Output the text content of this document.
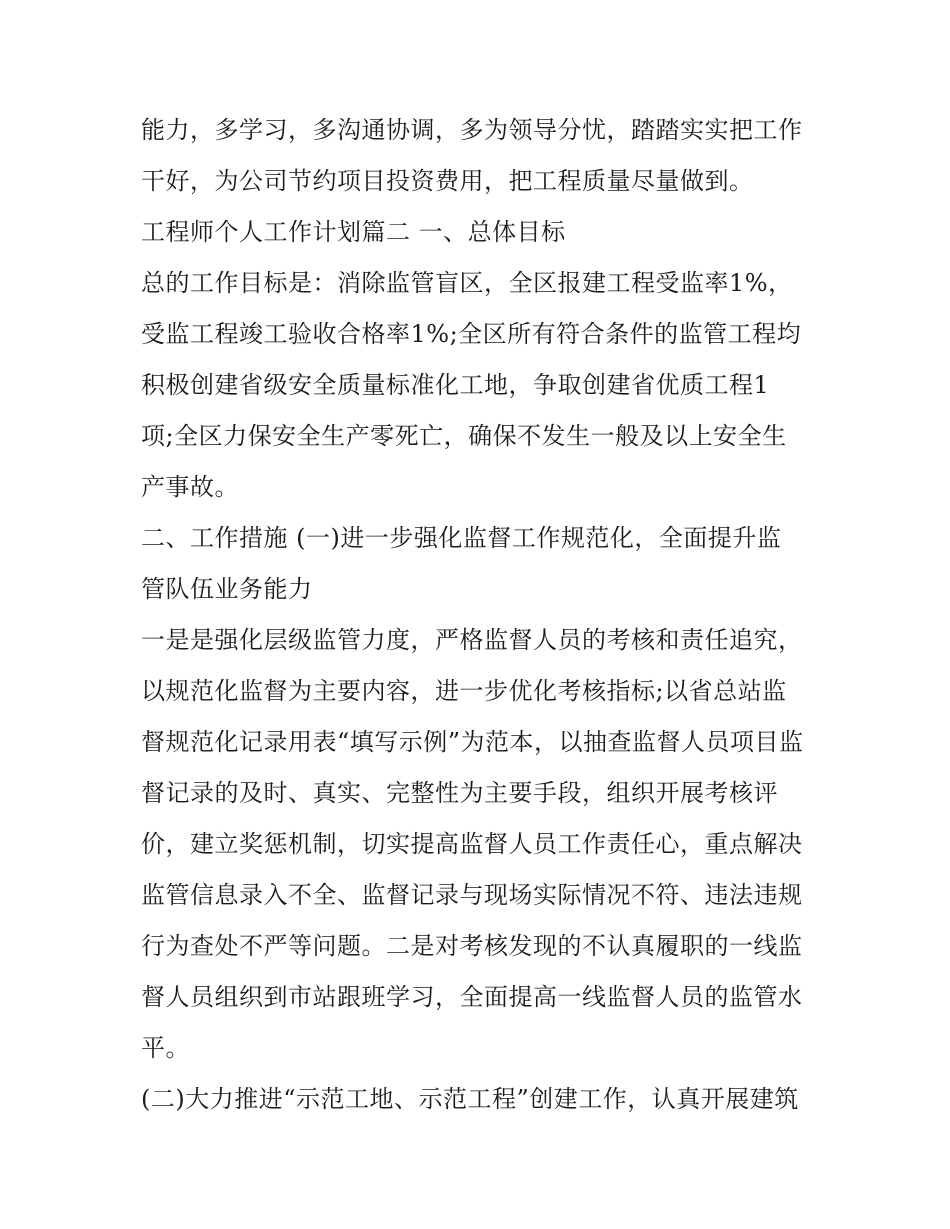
能力，多学习，多沟通协调，多为领导分忧，踏踏实实把工作
干好，为公司节约项目投资费用，把工程质量尽量做到。
工程师个人工作计划篇二 一、总体目标
总的工作目标是：消除监管盲区，全区报建工程受监率1%，
受监工程竣工验收合格率1%;全区所有符合条件的监管工程均
积极创建省级安全质量标准化工地，争取创建省优质工程1
项;全区力保安全生产零死亡，确保不发生一般及以上安全生
产事故。
二、工作措施 (一)进一步强化监督工作规范化，全面提升监
管队伍业务能力
一是是强化层级监管力度，严格监督人员的考核和责任追究，
以规范化监督为主要内容，进一步优化考核指标;以省总站监
督规范化记录用表“填写示例”为范本，以抽查监督人员项目监
督记录的及时、真实、完整性为主要手段，组织开展考核评
价，建立奖惩机制，切实提高监督人员工作责任心，重点解决
监管信息录入不全、监督记录与现场实际情况不符、违法违规
行为查处不严等问题。二是对考核发现的不认真履职的一线监
督人员组织到市站跟班学习，全面提高一线监督人员的监管水
平。
(二)大力推进“示范工地、示范工程”创建工作，认真开展建筑
